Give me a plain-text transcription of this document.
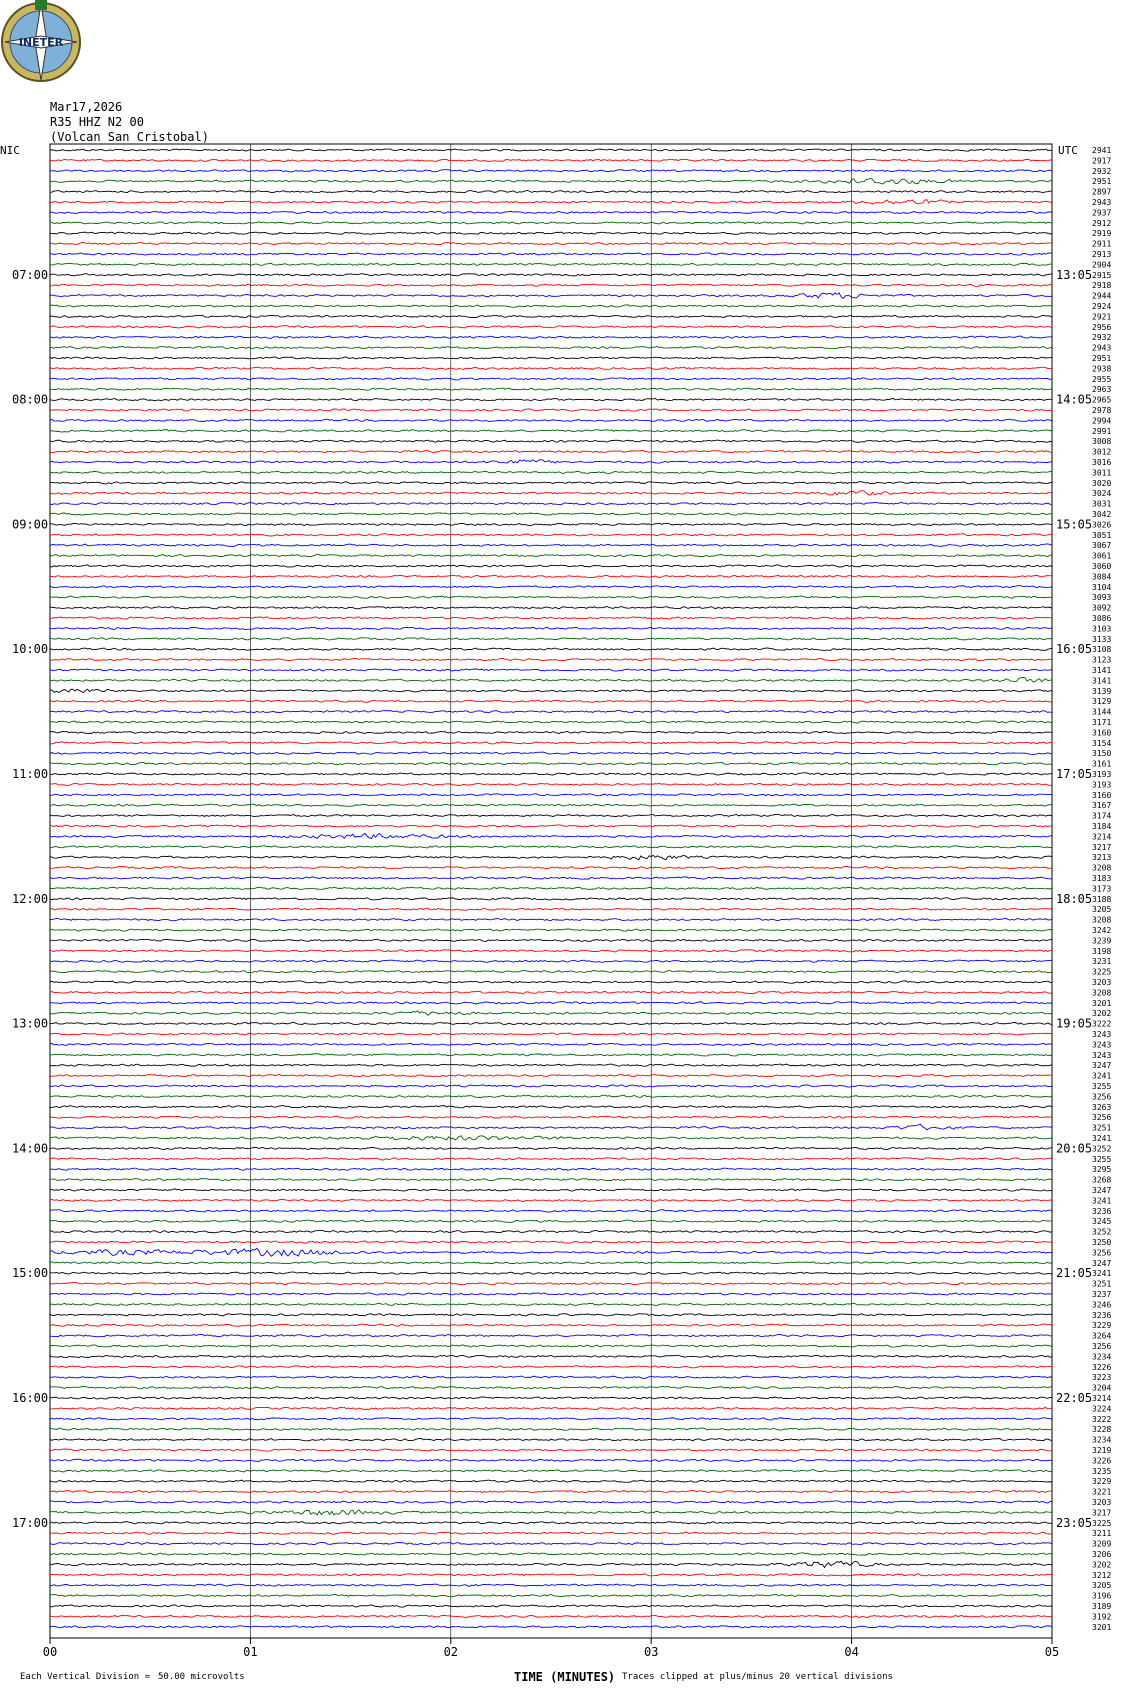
INETER
Mar17,2026
R35 HHZ N2 00
(Volcan San Cristobal)
2941
2917
2932
2951
2897
2943
2937
2912
2919
2911
2913
2904
2915
2918
2944
2924
2921
2956
2932
2943
2951
2938
2955
2963
2965
2978
2994
2991
3008
3012
3016
3011
3020
3024
3031
3042
3026
3051
3067
3061
3060
3084
3104
3093
3092
3086
3103
3133
3108
3123
3141
3141
3139
3129
3144
3171
3160
3154
3150
3161
3193
3193
3160
3167
3174
3184
3214
3217
3213
3208
3183
3173
3188
3205
3208
3242
3239
3198
3231
3225
3203
3208
3201
3202
3222
3243
3243
3243
3247
3241
3255
3256
3263
3256
3251
3241
3252
3255
3295
3268
3247
3241
3236
3245
3252
3250
3256
3247
3241
3251
3237
3246
3236
3229
3264
3256
3234
3226
3223
3204
3214
3224
3222
3228
3234
3219
3226
3235
3229
3221
3203
3217
3225
3211
3209
3206
3202
3212
3205
3196
3189
3192
3201
NIC	UTC
07:00
08:00
09:00
10:00
11:00
12:00
13:00
14:00
15:00
16:00
17:00
13:05
14:05
15:05
16:05
17:05
18:05
19:05
20:05
21:05
22:05
23:05
00	01	02	03	04	05
Each Vertical Division = 50.00 microvolts	TIME (MINUTES) Traces clipped at plus/minus 20 vertical divisions
